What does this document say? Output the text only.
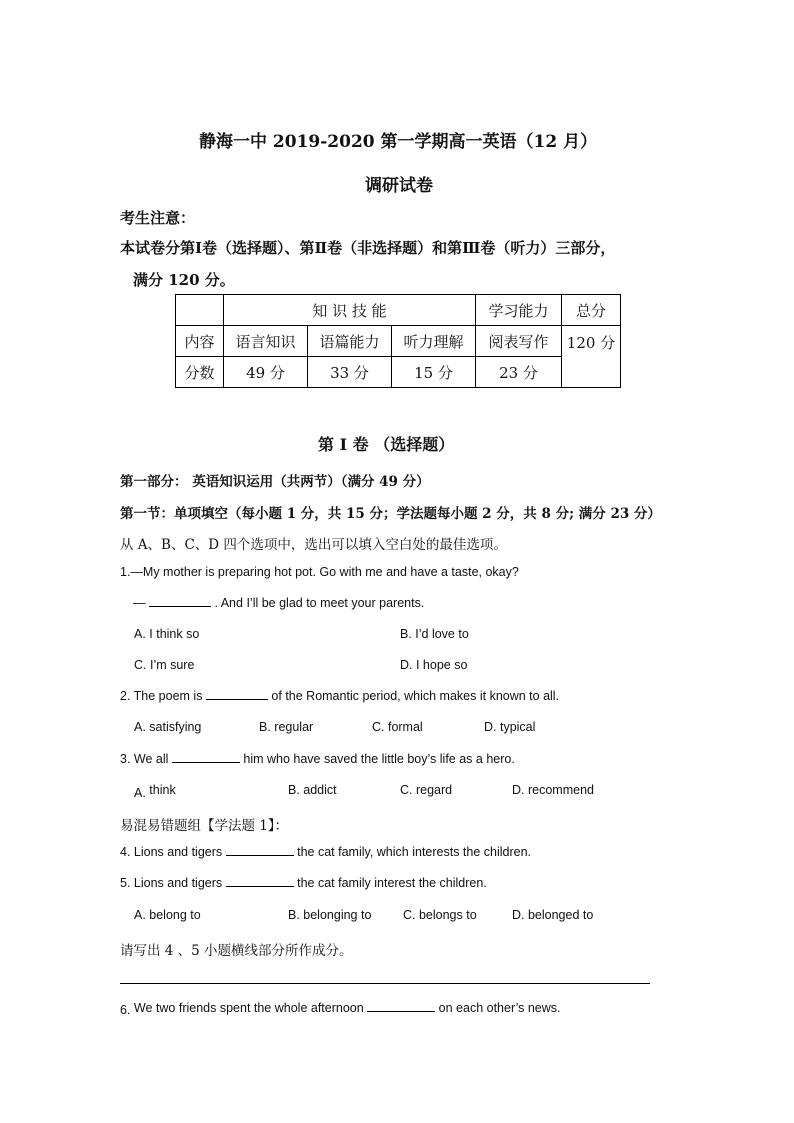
静海一中 2019-2020 第一学期高一英语（12 月）
调研试卷
考生注意：
本试卷分第Ⅰ卷（选择题）、第Ⅱ卷（非选择题）和第Ⅲ卷（听力）三部分，
满分 120 分。
	知 识 技 能			学习能力	总分
内容	语言知识	语篇能力	听力理解	阅表写作	120 分
分数	49 分	33 分	15 分	23 分	
第 I 卷 （选择题）
第一部分： 英语知识运用（共两节）（满分 49 分）
第一节：单项填空（每小题 1 分，共 15 分；学法题每小题 2 分，共 8 分; 满分 23 分）
从 A、B、C、D 四个选项中，选出可以填入空白处的最佳选项。
1.—My mother is preparing hot pot. Go with me and have a taste, okay?
—	. And I’ll be glad to meet your parents.
A. I think so	B. I’d love to
C. I’m sure	D. I hope so
2. The poem is	of the Romantic period, which makes it known to all.
A. satisfying	B. regular	C. formal	D. typical
3. We all	him who have saved the little boy’s life as a hero.
A. think	B. addict	C. regard	D. recommend
易混易错题组【学法题 1】：
4. Lions and tigers	the cat family, which interests the children.
5. Lions and tigers	the cat family interest the children.
A. belong to	B. belonging to	C. belongs to	D. belonged to
请写出 4 、5 小题横线部分所作成分。
6. We two friends spent the whole afternoon	on each other’s news.
